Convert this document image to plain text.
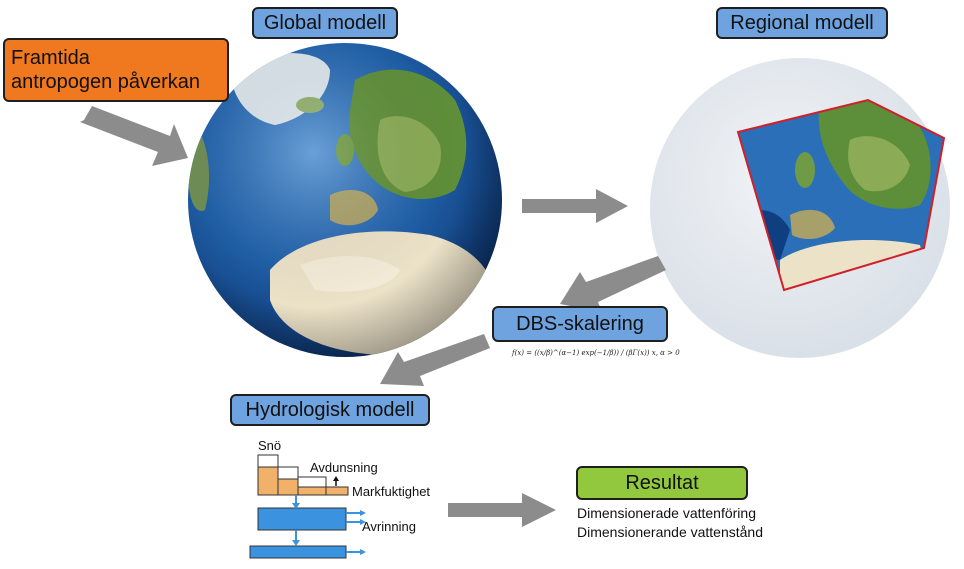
Global modell	Regional modell
Framtida
antropogen påverkan
DBS-skalering
f(x) = ((x/β)^(α−1) exp(−1/β)) / (βΓ(x)) x, α > 0
Hydrologisk modell
Snö
Avdunsning
Markfuktighet
Avrinning
Resultat
Dimensionerade vattenföring
Dimensionerande vattenstånd
